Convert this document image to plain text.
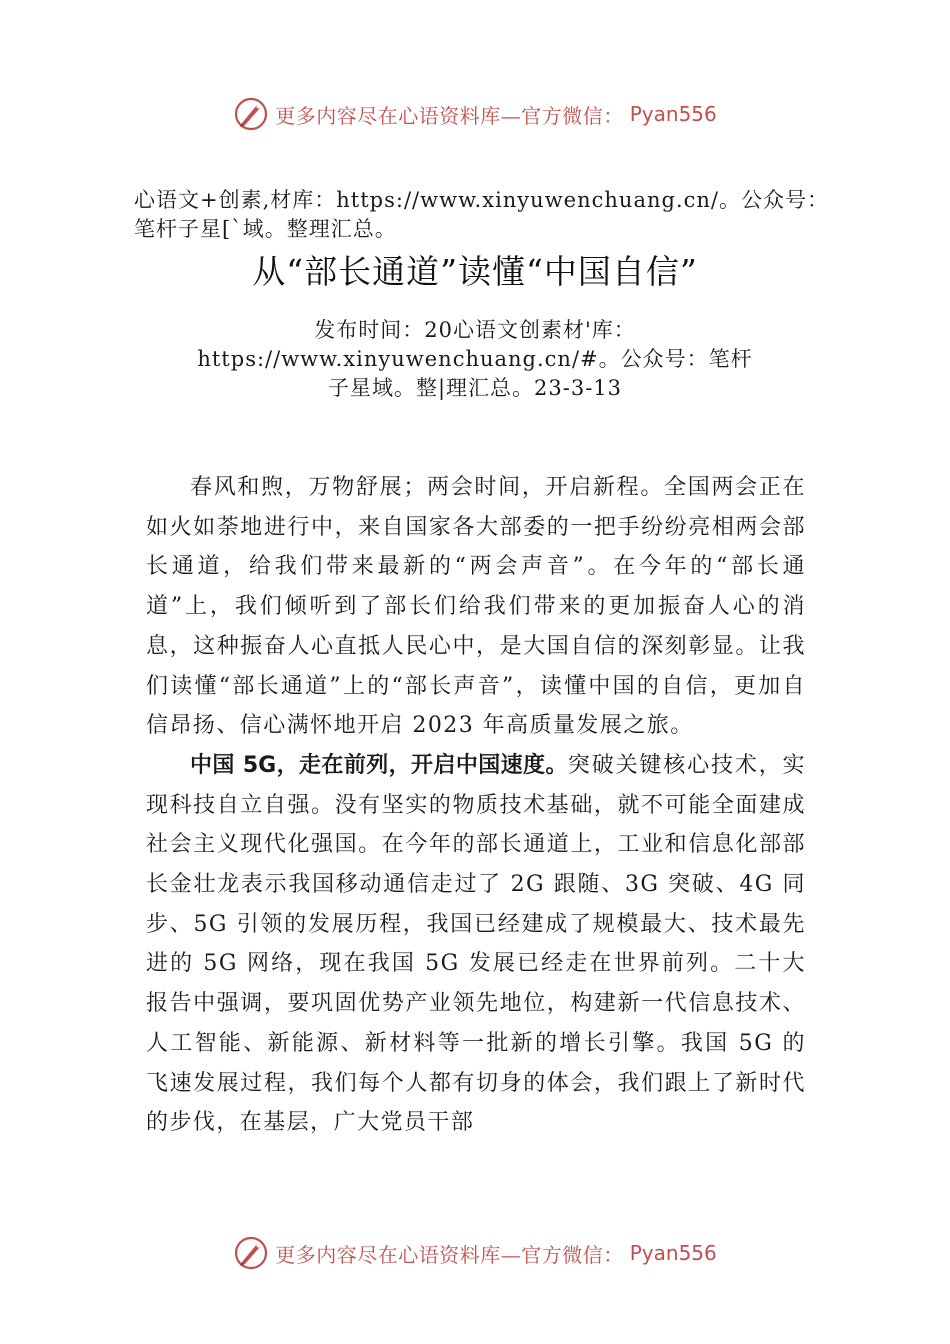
更多内容尽在心语资料库—官方微信： Pyan556
心语文+创素,材库：https://www.xinyuwenchuang.cn/。公众号：笔杆子星[`域。整理汇总。
从“部长通道”读懂“中国自信”
发布时间：20心语文创素材'库：https://www.xinyuwenchuang.cn/#。公众号：笔杆子星域。整|理汇总。23-3-13

春风和煦，万物舒展；两会时间，开启新程。全国两会正在如火如荼地进行中，来自国家各大部委的一把手纷纷亮相两会部长通道，给我们带来最新的“两会声音”。在今年的“部长通道”上，我们倾听到了部长们给我们带来的更加振奋人心的消息，这种振奋人心直抵人民心中，是大国自信的深刻彰显。让我们读懂“部长通道”上的“部长声音”，读懂中国的自信，更加自信昂扬、信心满怀地开启 2023 年高质量发展之旅。

中国 5G，走在前列，开启中国速度。突破关键核心技术，实现科技自立自强。没有坚实的物质技术基础，就不可能全面建成社会主义现代化强国。在今年的部长通道上，工业和信息化部部长金壮龙表示我国移动通信走过了 2G 跟随、3G 突破、4G 同步、5G 引领的发展历程，我国已经建成了规模最大、技术最先进的 5G 网络，现在我国 5G 发展已经走在世界前列。二十大报告中强调，要巩固优势产业领先地位，构建新一代信息技术、人工智能、新能源、新材料等一批新的增长引擎。我国 5G 的飞速发展过程，我们每个人都有切身的体会，我们跟上了新时代的步伐，在基层，广大党员干部

更多内容尽在心语资料库—官方微信： Pyan556
